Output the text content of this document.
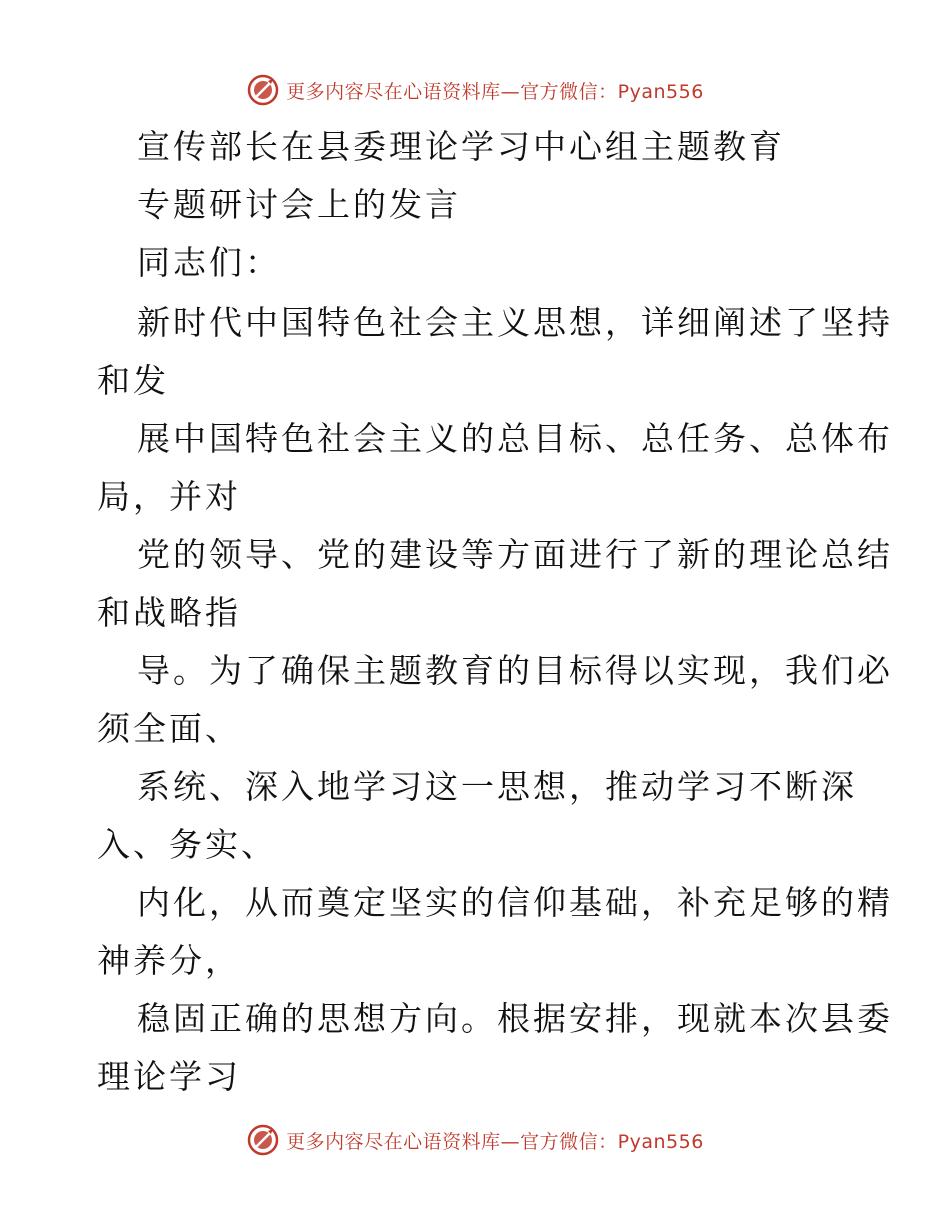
更多内容尽在心语资料库—官方微信：Pyan556
宣传部长在县委理论学习中心组主题教育
专题研讨会上的发言
同志们：
新时代中国特色社会主义思想，详细阐述了坚持
和发
展中国特色社会主义的总目标、总任务、总体布
局，并对
党的领导、党的建设等方面进行了新的理论总结
和战略指
导。为了确保主题教育的目标得以实现，我们必
须全面、
系统、深入地学习这一思想，推动学习不断深
入、务实、
内化，从而奠定坚实的信仰基础，补充足够的精
神养分，
稳固正确的思想方向。根据安排，现就本次县委
理论学习
更多内容尽在心语资料库—官方微信：Pyan556
